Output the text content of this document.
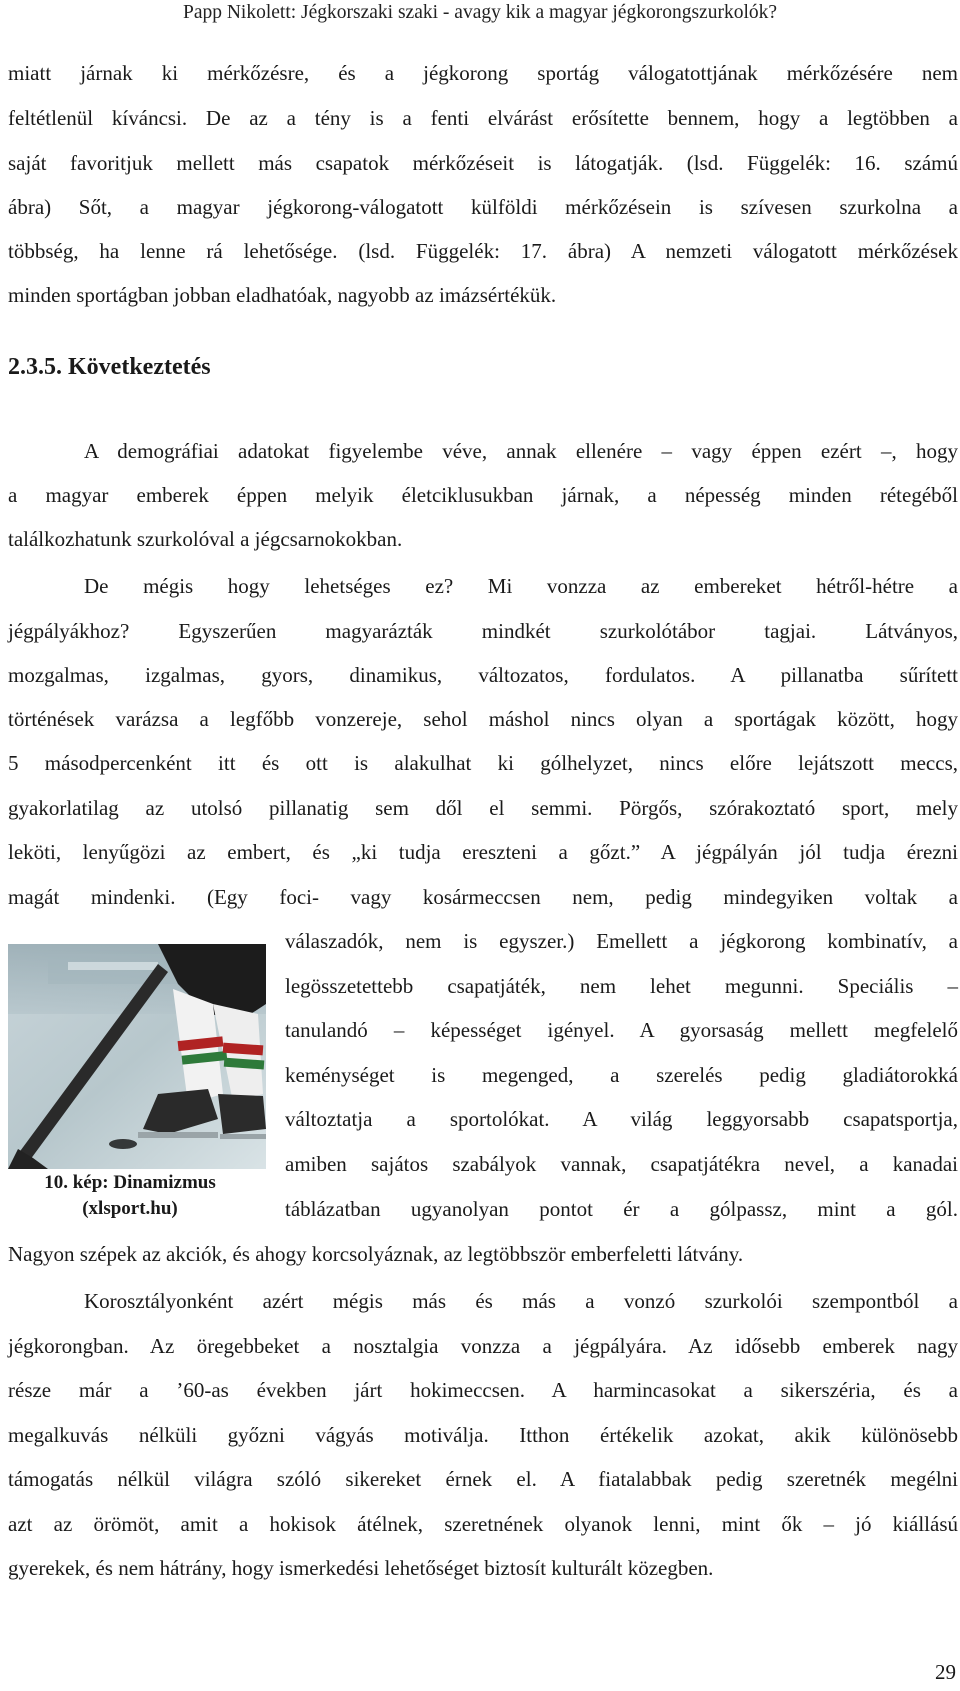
Papp Nikolett: Jégkorszaki szaki - avagy kik a magyar jégkorongszurkolók?
miatt járnak ki mérkőzésre, és a jégkorong sportág válogatottjának mérkőzésére nem
feltétlenül kíváncsi. De az a tény is a fenti elvárást erősítette bennem, hogy a legtöbben a
saját favoritjuk mellett más csapatok mérkőzéseit is látogatják. (lsd. Függelék: 16. számú
ábra) Sőt, a magyar jégkorong-válogatott külföldi mérkőzésein is szívesen szurkolna a
többség, ha lenne rá lehetősége. (lsd. Függelék: 17. ábra) A nemzeti válogatott mérkőzések
minden sportágban jobban eladhatóak, nagyobb az imázsértékük.
2.3.5. Következtetés
A demográfiai adatokat figyelembe véve, annak ellenére – vagy éppen ezért –, hogy
a magyar emberek éppen melyik életciklusukban járnak, a népesség minden rétegéből
találkozhatunk szurkolóval a jégcsarnokokban.
De mégis hogy lehetséges ez? Mi vonzza az embereket hétről-hétre a
jégpályákhoz? Egyszerűen magyarázták mindkét szurkolótábor tagjai. Látványos,
mozgalmas, izgalmas, gyors, dinamikus, változatos, fordulatos. A pillanatba sűrített
történések varázsa a legfőbb vonzereje, sehol máshol nincs olyan a sportágak között, hogy
5 másodpercenként itt és ott is alakulhat ki gólhelyzet, nincs előre lejátszott meccs,
gyakorlatilag az utolsó pillanatig sem dől el semmi. Pörgős, szórakoztató sport, mely
leköti, lenyűgözi az embert, és „ki tudja ereszteni a gőzt.” A jégpályán jól tudja érezni
magát mindenki. (Egy foci- vagy kosármeccsen nem, pedig mindegyiken voltak a
10. kép: Dinamizmus
(xlsport.hu)
válaszadók, nem is egyszer.) Emellett a jégkorong kombinatív, a
legösszetettebb csapatjáték, nem lehet megunni. Speciális –
tanulandó – képességet igényel. A gyorsaság mellett megfelelő
keménységet is megenged, a szerelés pedig gladiátorokká
változtatja a sportolókat. A világ leggyorsabb csapatsportja,
amiben sajátos szabályok vannak, csapatjátékra nevel, a kanadai
táblázatban ugyanolyan pontot ér a gólpassz, mint a gól.
Nagyon szépek az akciók, és ahogy korcsolyáznak, az legtöbbször emberfeletti látvány.
Korosztályonként azért mégis más és más a vonzó szurkolói szempontból a
jégkorongban. Az öregebbeket a nosztalgia vonzza a jégpályára. Az idősebb emberek nagy
része már a ’60-as években járt hokimeccsen. A harmincasokat a sikerszéria, és a
megalkuvás nélküli győzni vágyás motiválja. Itthon értékelik azokat, akik különösebb
támogatás nélkül világra szóló sikereket érnek el. A fiatalabbak pedig szeretnék megélni
azt az örömöt, amit a hokisok átélnek, szeretnének olyanok lenni, mint ők – jó kiállású
gyerekek, és nem hátrány, hogy ismerkedési lehetőséget biztosít kulturált közegben.
29
